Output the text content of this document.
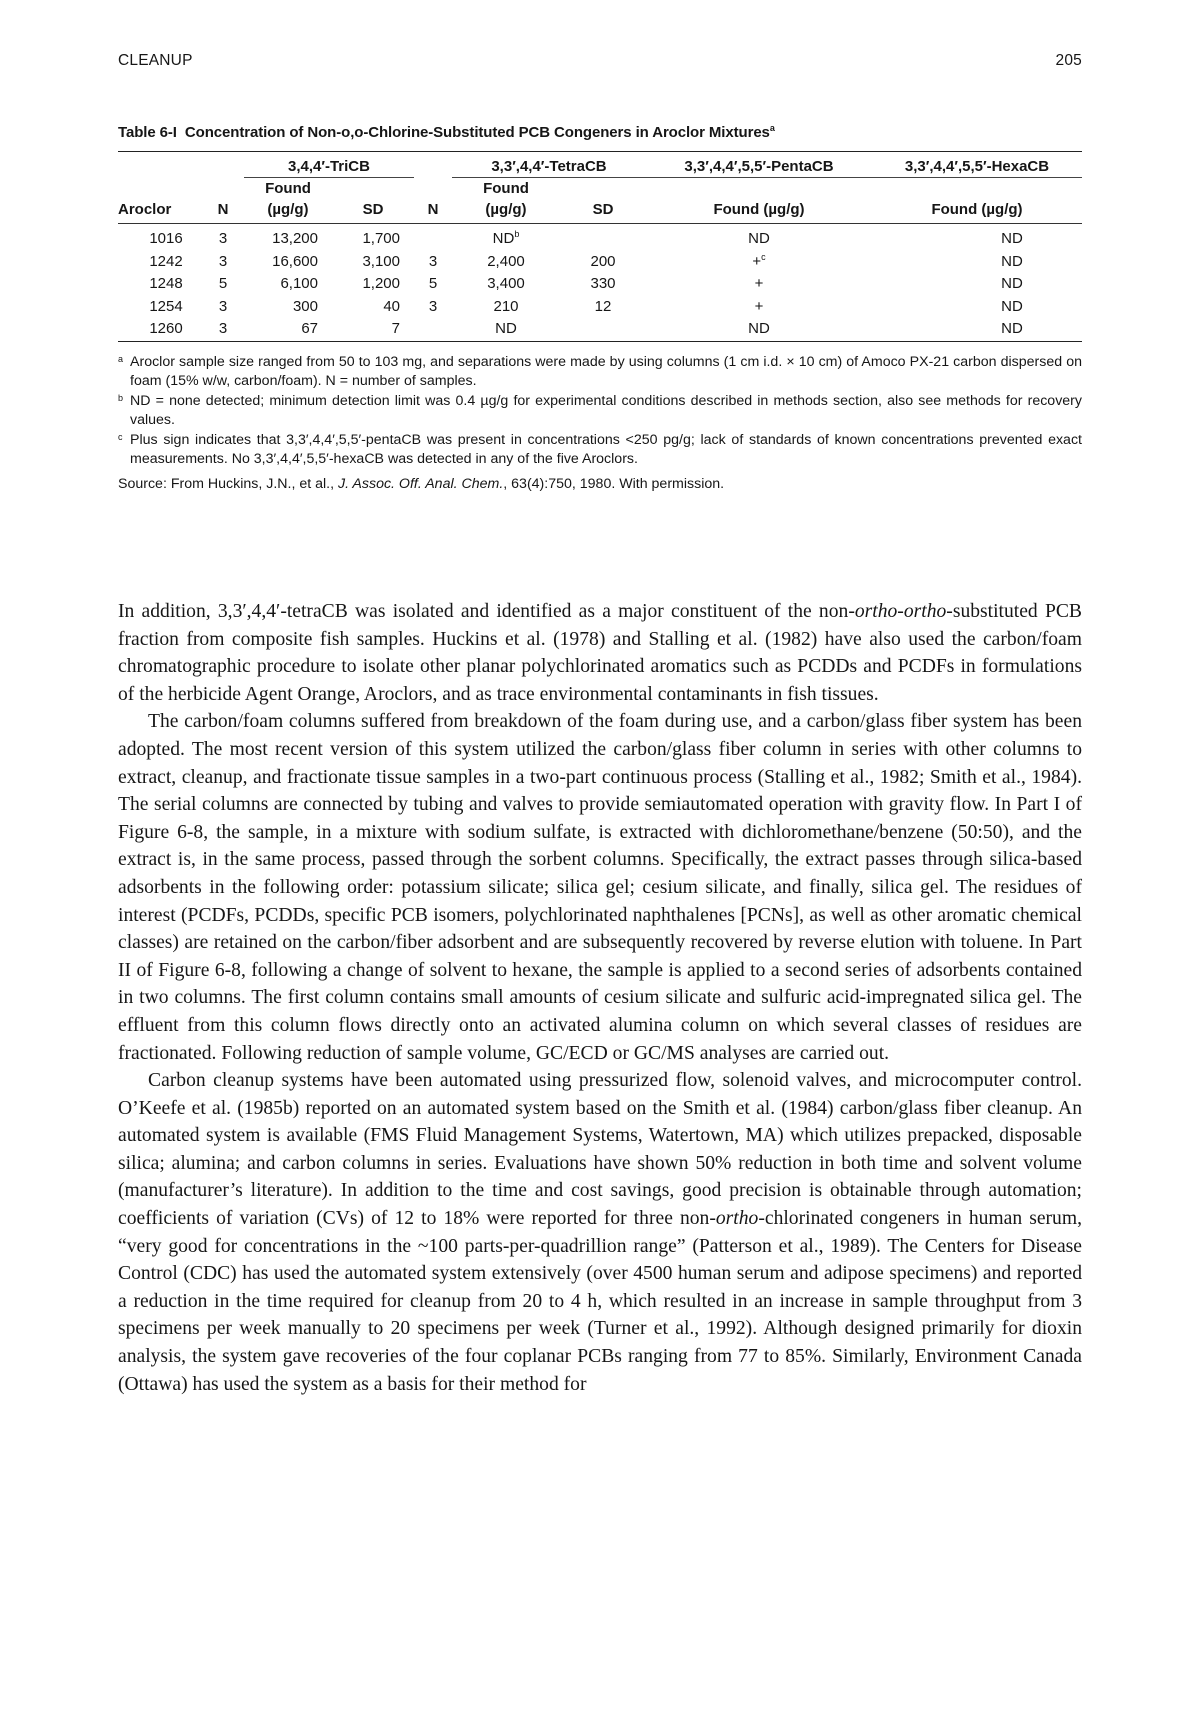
CLEANUP	205
Table 6-I Concentration of Non-o,o-Chlorine-Substituted PCB Congeners in Aroclor Mixtures$^a$

		3,4,4′-TriCB			3,3′,4,4′-TetraCB		3,3′,4,4′,5,5′-PentaCB	3,3′,4,4′,5,5′-HexaCB
		Found			Found			
Aroclor	N	(µg/g)	SD	N	(µg/g)	SD	Found (µg/g)	Found (µg/g)

1016	3	13,200	1,700		$ND^b$		ND	ND
1242	3	16,600	3,100	3	2,400	200	+$^c$	ND
1248	5	6,100	1,200	5	3,400	330	+	ND
1254	3	300	40	3	210	12	+	ND
1260	3	67	7		ND		ND	ND

a Aroclor sample size ranged from 50 to 103 mg, and separations were made by using columns (1 cm i.d. × 10 cm) of Amoco PX-21 carbon dispersed on foam (15% w/w, carbon/foam). N = number of samples.
b ND = none detected; minimum detection limit was 0.4 µg/g for experimental conditions described in methods section, also see methods for recovery values.
c Plus sign indicates that 3,3′,4,4′,5,5′-pentaCB was present in concentrations <250 pg/g; lack of standards of known concentrations prevented exact measurements. No 3,3′,4,4′,5,5′-hexaCB was detected in any of the five Aroclors.
Source: From Huckins, J.N., et al., J. Assoc. Off. Anal. Chem., 63(4):750, 1980. With permission.

In addition, 3,3′,4,4′-tetraCB was isolated and identified as a major constituent of the non-ortho-ortho-substituted PCB fraction from composite fish samples. Huckins et al. (1978) and Stalling et al. (1982) have also used the carbon/foam chromatographic procedure to isolate other planar polychlorinated aromatics such as PCDDs and PCDFs in formulations of the herbicide Agent Orange, Aroclors, and as trace environmental contaminants in fish tissues.

The carbon/foam columns suffered from breakdown of the foam during use, and a carbon/glass fiber system has been adopted. The most recent version of this system utilized the carbon/glass fiber column in series with other columns to extract, cleanup, and fractionate tissue samples in a two-part continuous process (Stalling et al., 1982; Smith et al., 1984). The serial columns are connected by tubing and valves to provide semiautomated operation with gravity flow. In Part I of Figure 6-8, the sample, in a mixture with sodium sulfate, is extracted with dichloromethane/benzene (50:50), and the extract is, in the same process, passed through the sorbent columns. Specifically, the extract passes through silica-based adsorbents in the following order: potassium silicate; silica gel; cesium silicate, and finally, silica gel. The residues of interest (PCDFs, PCDDs, specific PCB isomers, polychlorinated naphthalenes [PCNs], as well as other aromatic chemical classes) are retained on the carbon/fiber adsorbent and are subsequently recovered by reverse elution with toluene. In Part II of Figure 6-8, following a change of solvent to hexane, the sample is applied to a second series of adsorbents contained in two columns. The first column contains small amounts of cesium silicate and sulfuric acid-impregnated silica gel. The effluent from this column flows directly onto an activated alumina column on which several classes of residues are fractionated. Following reduction of sample volume, GC/ECD or GC/MS analyses are carried out.

Carbon cleanup systems have been automated using pressurized flow, solenoid valves, and microcomputer control. O’Keefe et al. (1985b) reported on an automated system based on the Smith et al. (1984) carbon/glass fiber cleanup. An automated system is available (FMS Fluid Management Systems, Watertown, MA) which utilizes prepacked, disposable silica; alumina; and carbon columns in series. Evaluations have shown 50% reduction in both time and solvent volume (manufacturer’s literature). In addition to the time and cost savings, good precision is obtainable through automation; coefficients of variation (CVs) of 12 to 18% were reported for three non-ortho-chlorinated congeners in human serum, “very good for concentrations in the ~100 parts-per-quadrillion range” (Patterson et al., 1989). The Centers for Disease Control (CDC) has used the automated system extensively (over 4500 human serum and adipose specimens) and reported a reduction in the time required for cleanup from 20 to 4 h, which resulted in an increase in sample throughput from 3 specimens per week manually to 20 specimens per week (Turner et al., 1992). Although designed primarily for dioxin analysis, the system gave recoveries of the four coplanar PCBs ranging from 77 to 85%. Similarly, Environment Canada (Ottawa) has used the system as a basis for their method for
